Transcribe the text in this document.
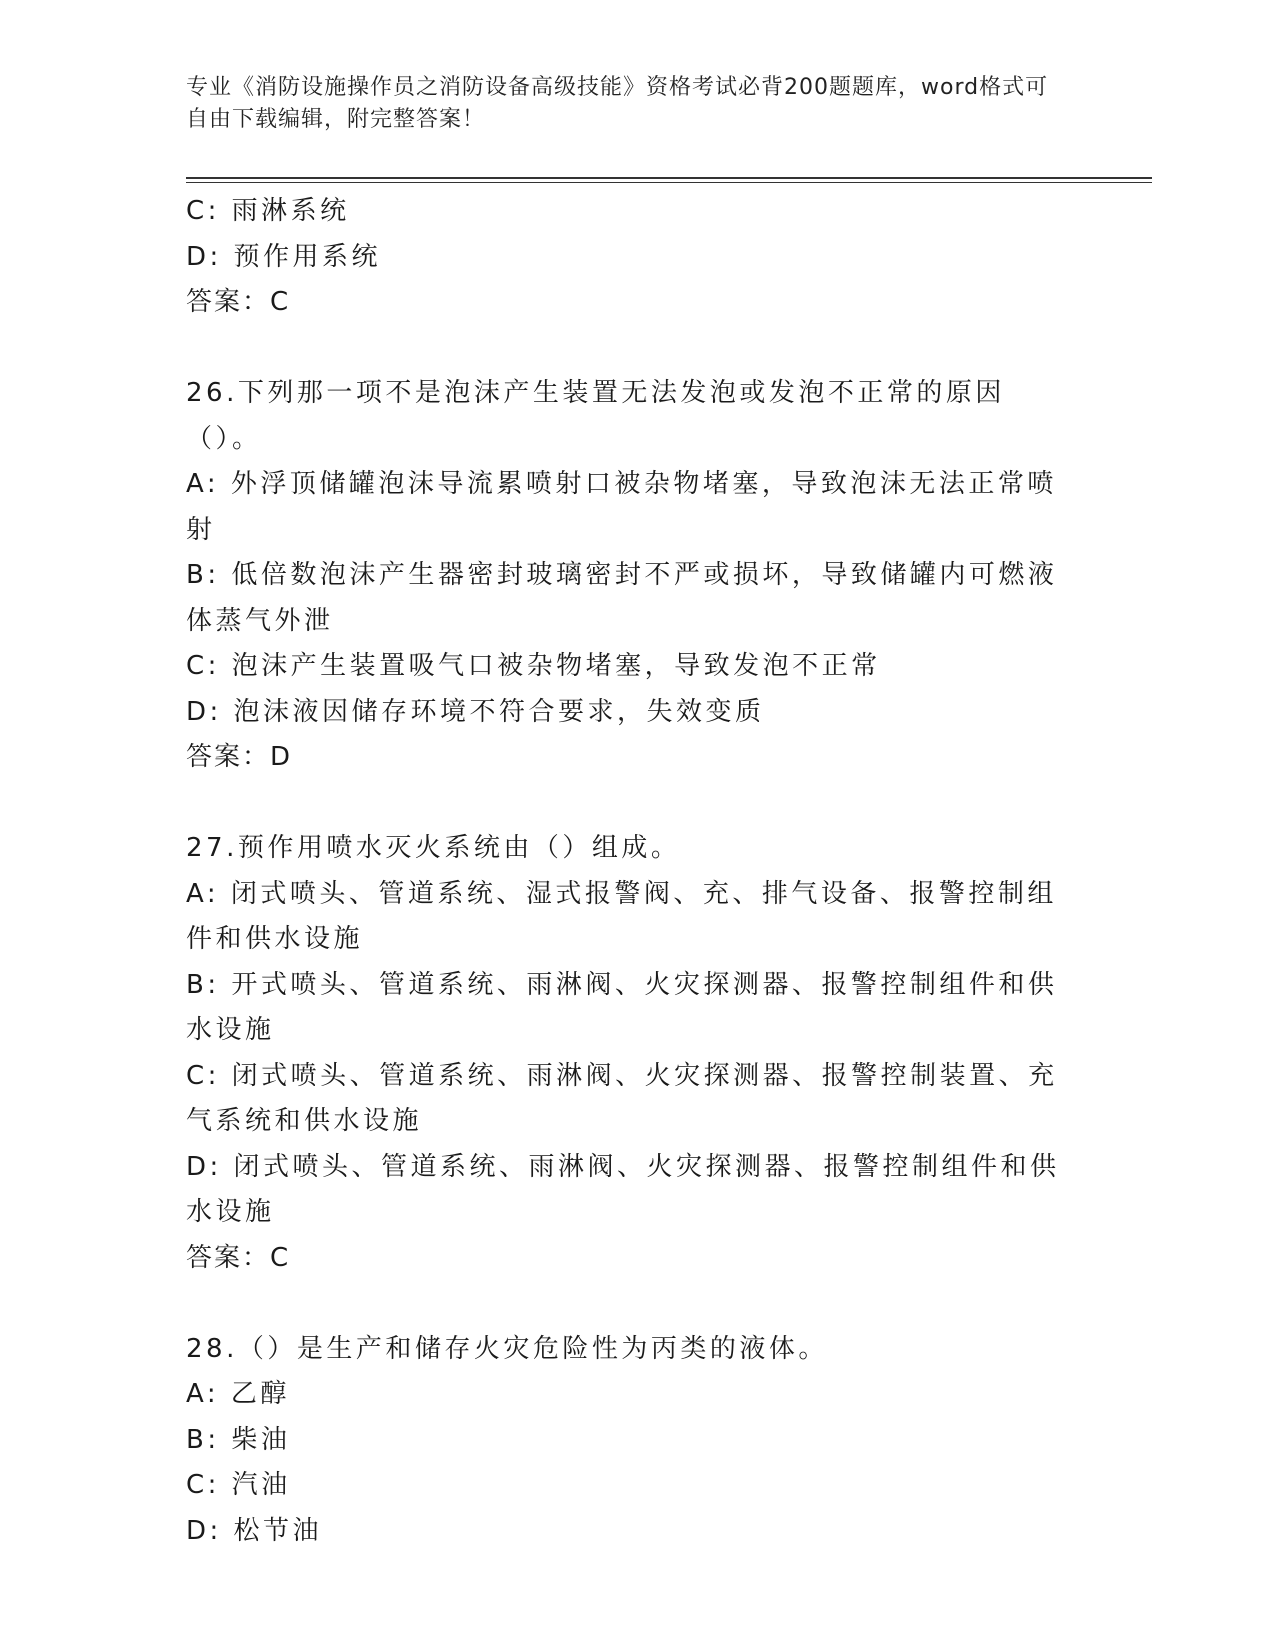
专业《消防设施操作员之消防设备高级技能》资格考试必背200题题库，word格式可自由下载编辑，附完整答案！

C: 雨淋系统

D: 预作用系统

答案：C

26.下列那一项不是泡沫产生装置无法发泡或发泡不正常的原因（）。

A: 外浮顶储罐泡沫导流累喷射口被杂物堵塞，导致泡沫无法正常喷射

B: 低倍数泡沫产生器密封玻璃密封不严或损坏，导致储罐内可燃液体蒸气外泄

C: 泡沫产生装置吸气口被杂物堵塞，导致发泡不正常

D: 泡沫液因储存环境不符合要求，失效变质

答案：D

27.预作用喷水灭火系统由（）组成。

A: 闭式喷头、管道系统、湿式报警阀、充、排气设备、报警控制组件和供水设施

B: 开式喷头、管道系统、雨淋阀、火灾探测器、报警控制组件和供水设施

C: 闭式喷头、管道系统、雨淋阀、火灾探测器、报警控制装置、充气系统和供水设施

D: 闭式喷头、管道系统、雨淋阀、火灾探测器、报警控制组件和供水设施

答案：C

28.（）是生产和储存火灾危险性为丙类的液体。

A: 乙醇

B: 柴油

C: 汽油

D: 松节油
